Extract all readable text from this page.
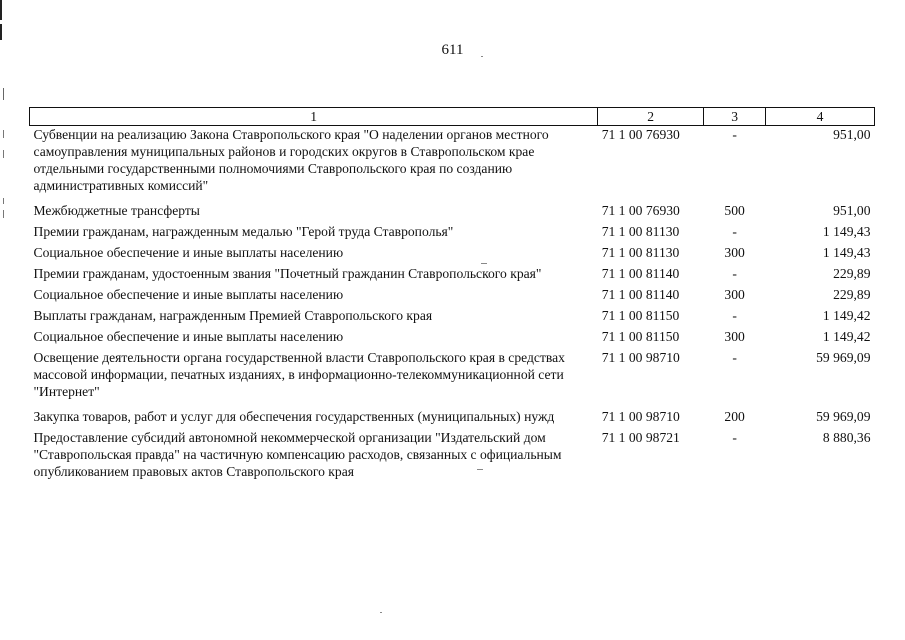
611
1	2	3	4
Субвенции на реализацию Закона Ставропольского края "О наделении органов местного самоуправления муниципальных районов и городских округов в Ставропольском крае отдельными государственными полномочиями Ставропольского края по созданию административных комиссий"	71 1 00 76930	-	951,00
Межбюджетные трансферты	71 1 00 76930	500	951,00
Премии гражданам, награжденным медалью "Герой труда Ставрополья"	71 1 00 81130	-	1 149,43
Социальное обеспечение и иные выплаты населению	71 1 00 81130	300	1 149,43
Премии гражданам, удостоенным звания "Почетный гражданин Ставропольского края"	71 1 00 81140	-	229,89
Социальное обеспечение и иные выплаты населению	71 1 00 81140	300	229,89
Выплаты гражданам, награжденным Премией Ставропольского края	71 1 00 81150	-	1 149,42
Социальное обеспечение и иные выплаты населению	71 1 00 81150	300	1 149,42
Освещение деятельности органа государственной власти Ставропольского края в средствах массовой информации, печатных изданиях, в информационно-телекоммуникационной сети "Интернет"	71 1 00 98710	-	59 969,09
Закупка товаров, работ и услуг для обеспечения государственных (муниципальных) нужд	71 1 00 98710	200	59 969,09
Предоставление субсидий автономной некоммерческой организации "Издательский дом "Ставропольская правда" на частичную компенсацию расходов, связанных с официальным опубликованием правовых актов Ставропольского края	71 1 00 98721	-	8 880,36
